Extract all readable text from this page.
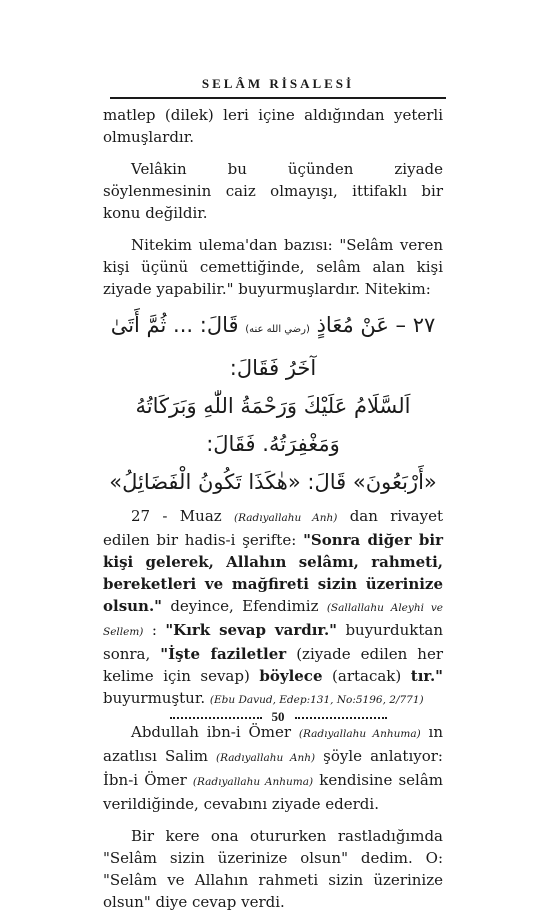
SELÂM RİSALESİ

matlep (dilek) leri içine aldığından yeterli olmuşlardır.

Velâkin bu üçünden ziyade söylenmesinin caiz olmayışı, ittifaklı bir konu değildir.

Nitekim ulema'dan bazısı: "Selâm veren kişi üçünü cemettiğinde, selâm alan kişi ziyade yapabilir." buyurmuşlardır. Nitekim:

٢٧ – عَنْ مُعَاذٍ (رضي الله عنه) قَالَ: ... ثُمَّ أَتَىٰ آخَرُ فَقَالَ:
اَلسَّلَامُ عَلَيْكَ وَرَحْمَةُ اللّٰهِ وَبَرَكَاتُهُ وَمَغْفِرَتُهُ. فَقَالَ:
«أَرْبَعُونَ» قَالَ: «هٰكَذَا تَكُونُ الْفَضَائِلُ»

27 - Muaz (Radıyallahu Anh) dan rivayet edilen bir hadis-i şerifte: "Sonra diğer bir kişi gelerek, Allahın selâmı, rahmeti, bereketleri ve mağfireti sizin üzerinize olsun." deyince, Efendimiz (Sallallahu Aleyhi ve Sellem) : "Kırk sevap vardır." buyurduktan sonra, "İşte faziletler (ziyade edilen her kelime için sevap) böylece (artacak) tır." buyurmuştur. (Ebu Davud, Edep:131, No:5196, 2/771)

Abdullah ibn-i Ömer (Radıyallahu Anhuma) ın azatlısı Salim (Radıyallahu Anh) şöyle anlatıyor: İbn-i Ömer (Radıyallahu Anhuma) kendisine selâm verildiğinde, cevabını ziyade ederdi.

Bir kere ona otururken rastladığımda "Selâm sizin üzerinize olsun" dedim. O: "Selâm ve Allahın rahmeti sizin üzerinize olsun" diye cevap verdi.

50
